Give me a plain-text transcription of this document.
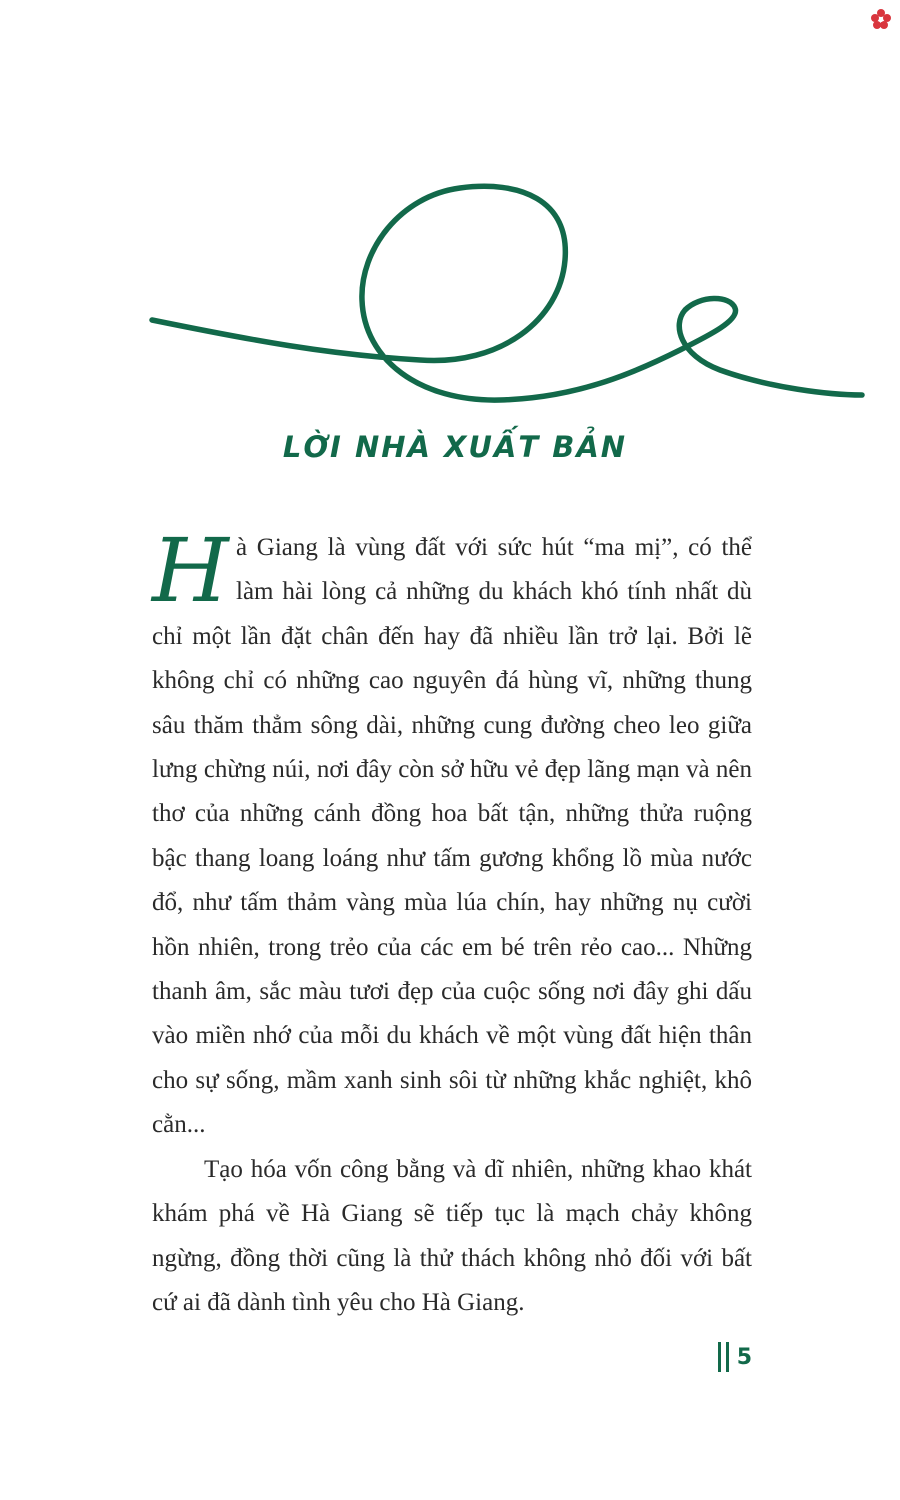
LỜI NHÀ XUẤT BẢN

Hà Giang là vùng đất với sức hút “ma mị”, có thể làm hài lòng cả những du khách khó tính nhất dù chỉ một lần đặt chân đến hay đã nhiều lần trở lại. Bởi lẽ không chỉ có những cao nguyên đá hùng vĩ, những thung sâu thăm thẳm sông dài, những cung đường cheo leo giữa lưng chừng núi, nơi đây còn sở hữu vẻ đẹp lãng mạn và nên thơ của những cánh đồng hoa bất tận, những thửa ruộng bậc thang loang loáng như tấm gương khổng lồ mùa nước đổ, như tấm thảm vàng mùa lúa chín, hay những nụ cười hồn nhiên, trong trẻo của các em bé trên rẻo cao... Những thanh âm, sắc màu tươi đẹp của cuộc sống nơi đây ghi dấu vào miền nhớ của mỗi du khách về một vùng đất hiện thân cho sự sống, mầm xanh sinh sôi từ những khắc nghiệt, khô cằn...

Tạo hóa vốn công bằng và dĩ nhiên, những khao khát khám phá về Hà Giang sẽ tiếp tục là mạch chảy không ngừng, đồng thời cũng là thử thách không nhỏ đối với bất cứ ai đã dành tình yêu cho Hà Giang.

5
